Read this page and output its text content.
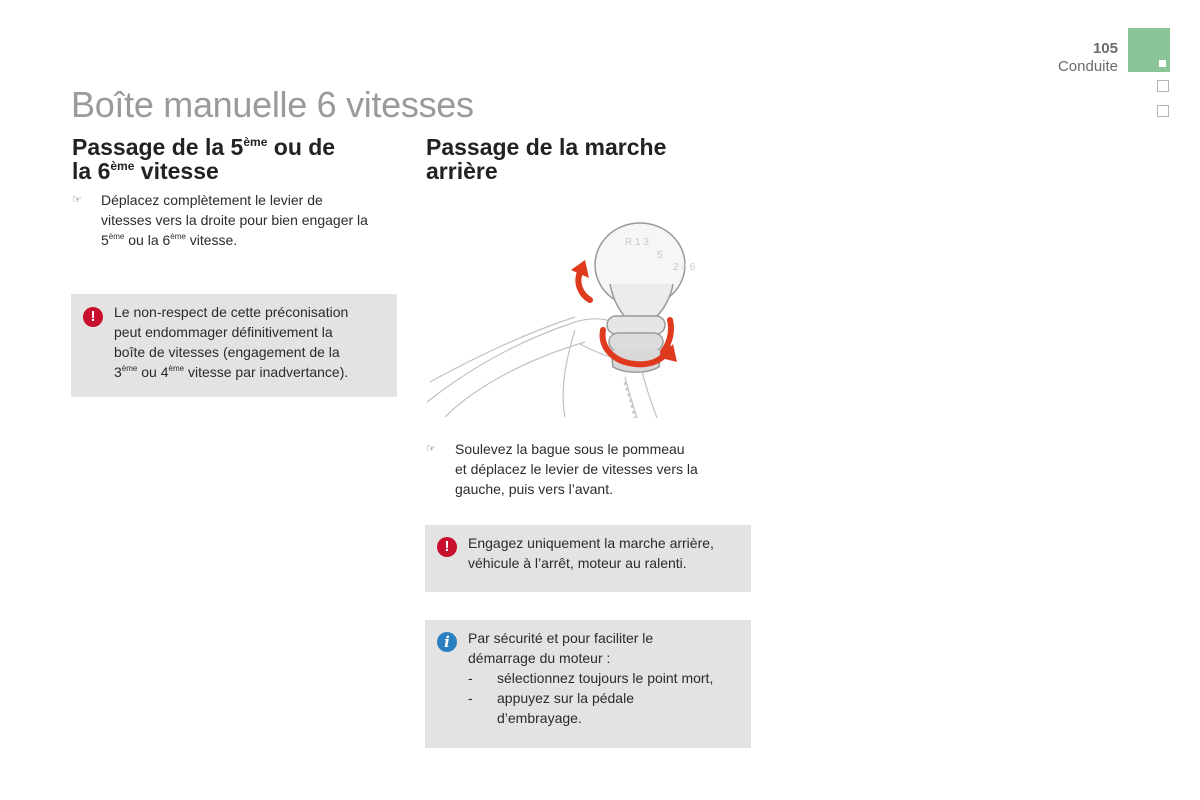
105
Conduite
Boîte manuelle 6 vitesses
Passage de la 5ème ou de
la 6ème vitesse
☞ Déplacez complètement le levier de
vitesses vers la droite pour bien engager la
5ème ou la 6ème vitesse.
!	Le non-respect de cette préconisation
peut endommager définitivement la
boîte de vitesses (engagement de la
3ème ou 4ème vitesse par inadvertance).
Passage de la marche
arrière
R 1 3
5
2 4 6
☞ Soulevez la bague sous le pommeau
et déplacez le levier de vitesses vers la
gauche, puis vers l’avant.
!	Engagez uniquement la marche arrière,
véhicule à l’arrêt, moteur au ralenti.
i	Par sécurité et pour faciliter le
démarrage du moteur :
- sélectionnez toujours le point mort,
- appuyez sur la pédale
d’embrayage.
